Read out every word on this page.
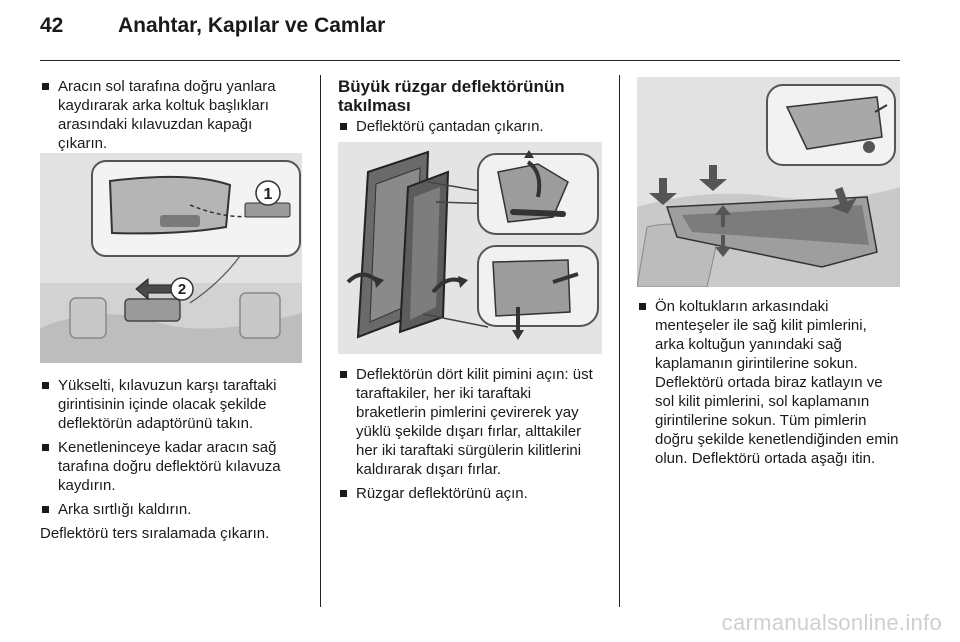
42	Anahtar, Kapılar ve Camlar
Aracın sol tarafına doğru yanlara kaydırarak arka koltuk başlıkları arasındaki kılavuzdan kapağı çıkarın.
2
1
Yükselti, kılavuzun karşı taraftaki girintisinin içinde olacak şekilde deflektörün adaptörünü takın.
Kenetleninceye kadar aracın sağ tarafına doğru deflektörü kılavuza kaydırın.
Arka sırtlığı kaldırın.

Deflektörü ters sıralamada çıkarın.

Büyük rüzgar deflektörünün takılması

Deflektörü çantadan çıkarın.
Deflektörün dört kilit pimini açın: üst taraftakiler, her iki taraftaki braketlerin pimlerini çevirerek yay yüklü şekilde dışarı fırlar, alttakiler her iki taraftaki sürgülerin kilitlerini kaldırarak dışarı fırlar.
Rüzgar deflektörünü açın.
Ön koltukların arkasındaki menteşeler ile sağ kilit pimlerini, arka koltuğun yanındaki sağ kaplamanın girintilerine sokun. Deflektörü ortada biraz katlayın ve sol kilit pimlerini, sol kaplamanın girintilerine sokun. Tüm pimlerin doğru şekilde kenetlendiğinden emin olun. Deflektörü ortada aşağı itin.
carmanualsonline.info
